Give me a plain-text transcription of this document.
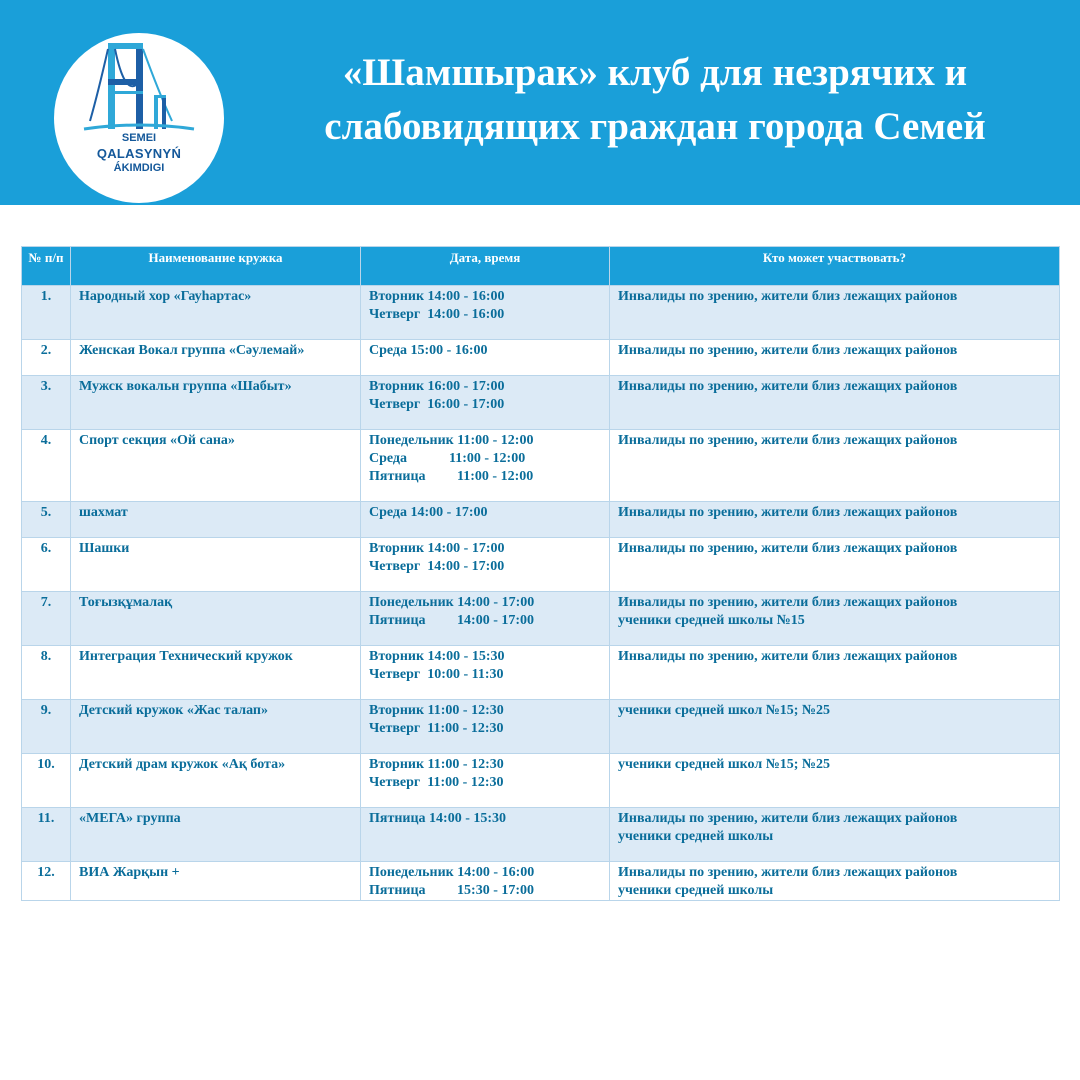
SEMEI
QALASYNYŃ
ÁKIMDIGI
«Шамшырак» клуб для незрячих и
слабовидящих граждан города Семей
№ п/п	Наименование кружка	Дата, время	Кто может участвовать?
1.	Народный хор «Гауһартас»	Вторник 14:00 - 16:00
Четверг  14:00 - 16:00	Инвалиды по зрению, жители близ лежащих районов

2.	Женская Вокал группа «Сәулемай»	Среда 15:00 - 16:00	Инвалиды по зрению, жители близ лежащих районов

3.	Мужск вокальн группа «Шабыт»	Вторник 16:00 - 17:00
Четверг  16:00 - 17:00	Инвалиды по зрению, жители близ лежащих районов

4.	Спорт секция «Ой сана»	Понедельник 11:00 - 12:00
Среда            11:00 - 12:00
Пятница         11:00 - 12:00	Инвалиды по зрению, жители близ лежащих районов

5.	шахмат	Среда 14:00 - 17:00	Инвалиды по зрению, жители близ лежащих районов

6.	Шашки	Вторник 14:00 - 17:00
Четверг  14:00 - 17:00	Инвалиды по зрению, жители близ лежащих районов

7.	Тоғызқұмалақ	Понедельник 14:00 - 17:00
Пятница         14:00 - 17:00	Инвалиды по зрению, жители близ лежащих районов
ученики средней школы №15

8.	Интеграция Технический кружок	Вторник 14:00 - 15:30
Четверг  10:00 - 11:30	Инвалиды по зрению, жители близ лежащих районов

9.	Детский кружок «Жас талап»	Вторник 11:00 - 12:30
Четверг  11:00 - 12:30	ученики средней школ №15; №25

10.	Детский драм кружок «Ақ бота»	Вторник 11:00 - 12:30
Четверг  11:00 - 12:30	ученики средней школ №15; №25

11.	«МЕГА» группа	Пятница 14:00 - 15:30	Инвалиды по зрению, жители близ лежащих районов
ученики средней школы

12.	ВИА Жарқын +	Понедельник 14:00 - 16:00
Пятница         15:30 - 17:00	Инвалиды по зрению, жители близ лежащих районов
ученики средней школы
